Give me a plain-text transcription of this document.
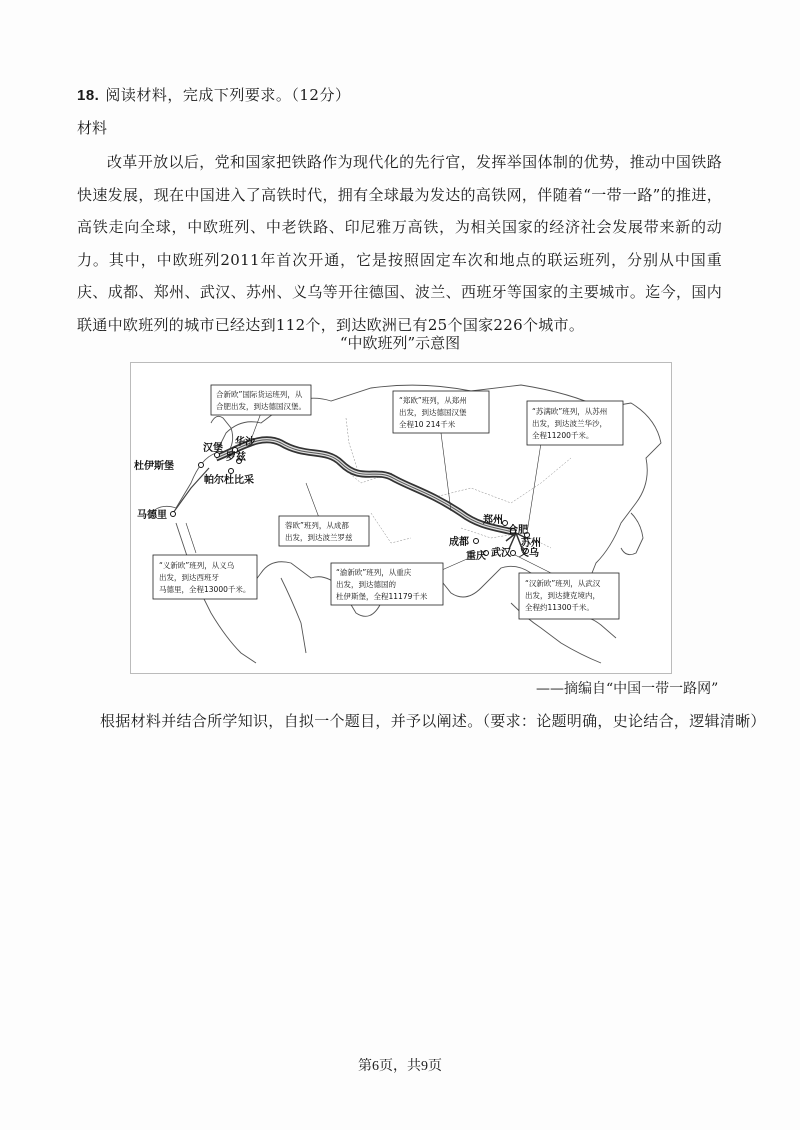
18. 阅读材料，完成下列要求。（12分）
材料
改革开放以后，党和国家把铁路作为现代化的先行官，发挥举国体制的优势，推动中国铁路快速发展，现在中国进入了高铁时代，拥有全球最为发达的高铁网，伴随着“一带一路”的推进，高铁走向全球，中欧班列、中老铁路、印尼雅万高铁，为相关国家的经济社会发展带来新的动力。其中，中欧班列2011年首次开通，它是按照固定车次和地点的联运班列，分别从中国重庆、成都、郑州、武汉、苏州、义乌等开往德国、波兰、西班牙等国家的主要城市。迄今，国内联通中欧班列的城市已经达到112个，到达欧洲已有25个国家226个城市。
“中欧班列”示意图
汉堡
华沙
罗兹
杜伊斯堡
帕尔杜比采
马德里	郑州
合肥
苏州
义乌
成都
重庆 武汉
合新欧”国际货运班列，从
合肥出发，到达德国汉堡。
“郑欧”班列，从郑州
出发，到达德国汉堡
全程10 214千米
“苏满欧”班列，从苏州
出发，到达波兰华沙，
全程11200千米。
蓉欧”班列，从成都
出发，到达波兰罗兹
“渝新欧”班列，从重庆
出发，到达德国的
杜伊斯堡，全程11179千米
“义新欧”班列，从义乌
出发，到达西班牙
马德里，全程13000千米。
“汉新欧”班列，从武汉
出发，到达捷克境内，
全程约11300千米。
——摘编自“中国一带一路网”
根据材料并结合所学知识，自拟一个题目，并予以阐述。（要求：论题明确，史论结合，逻辑清晰）
第6页，共9页
